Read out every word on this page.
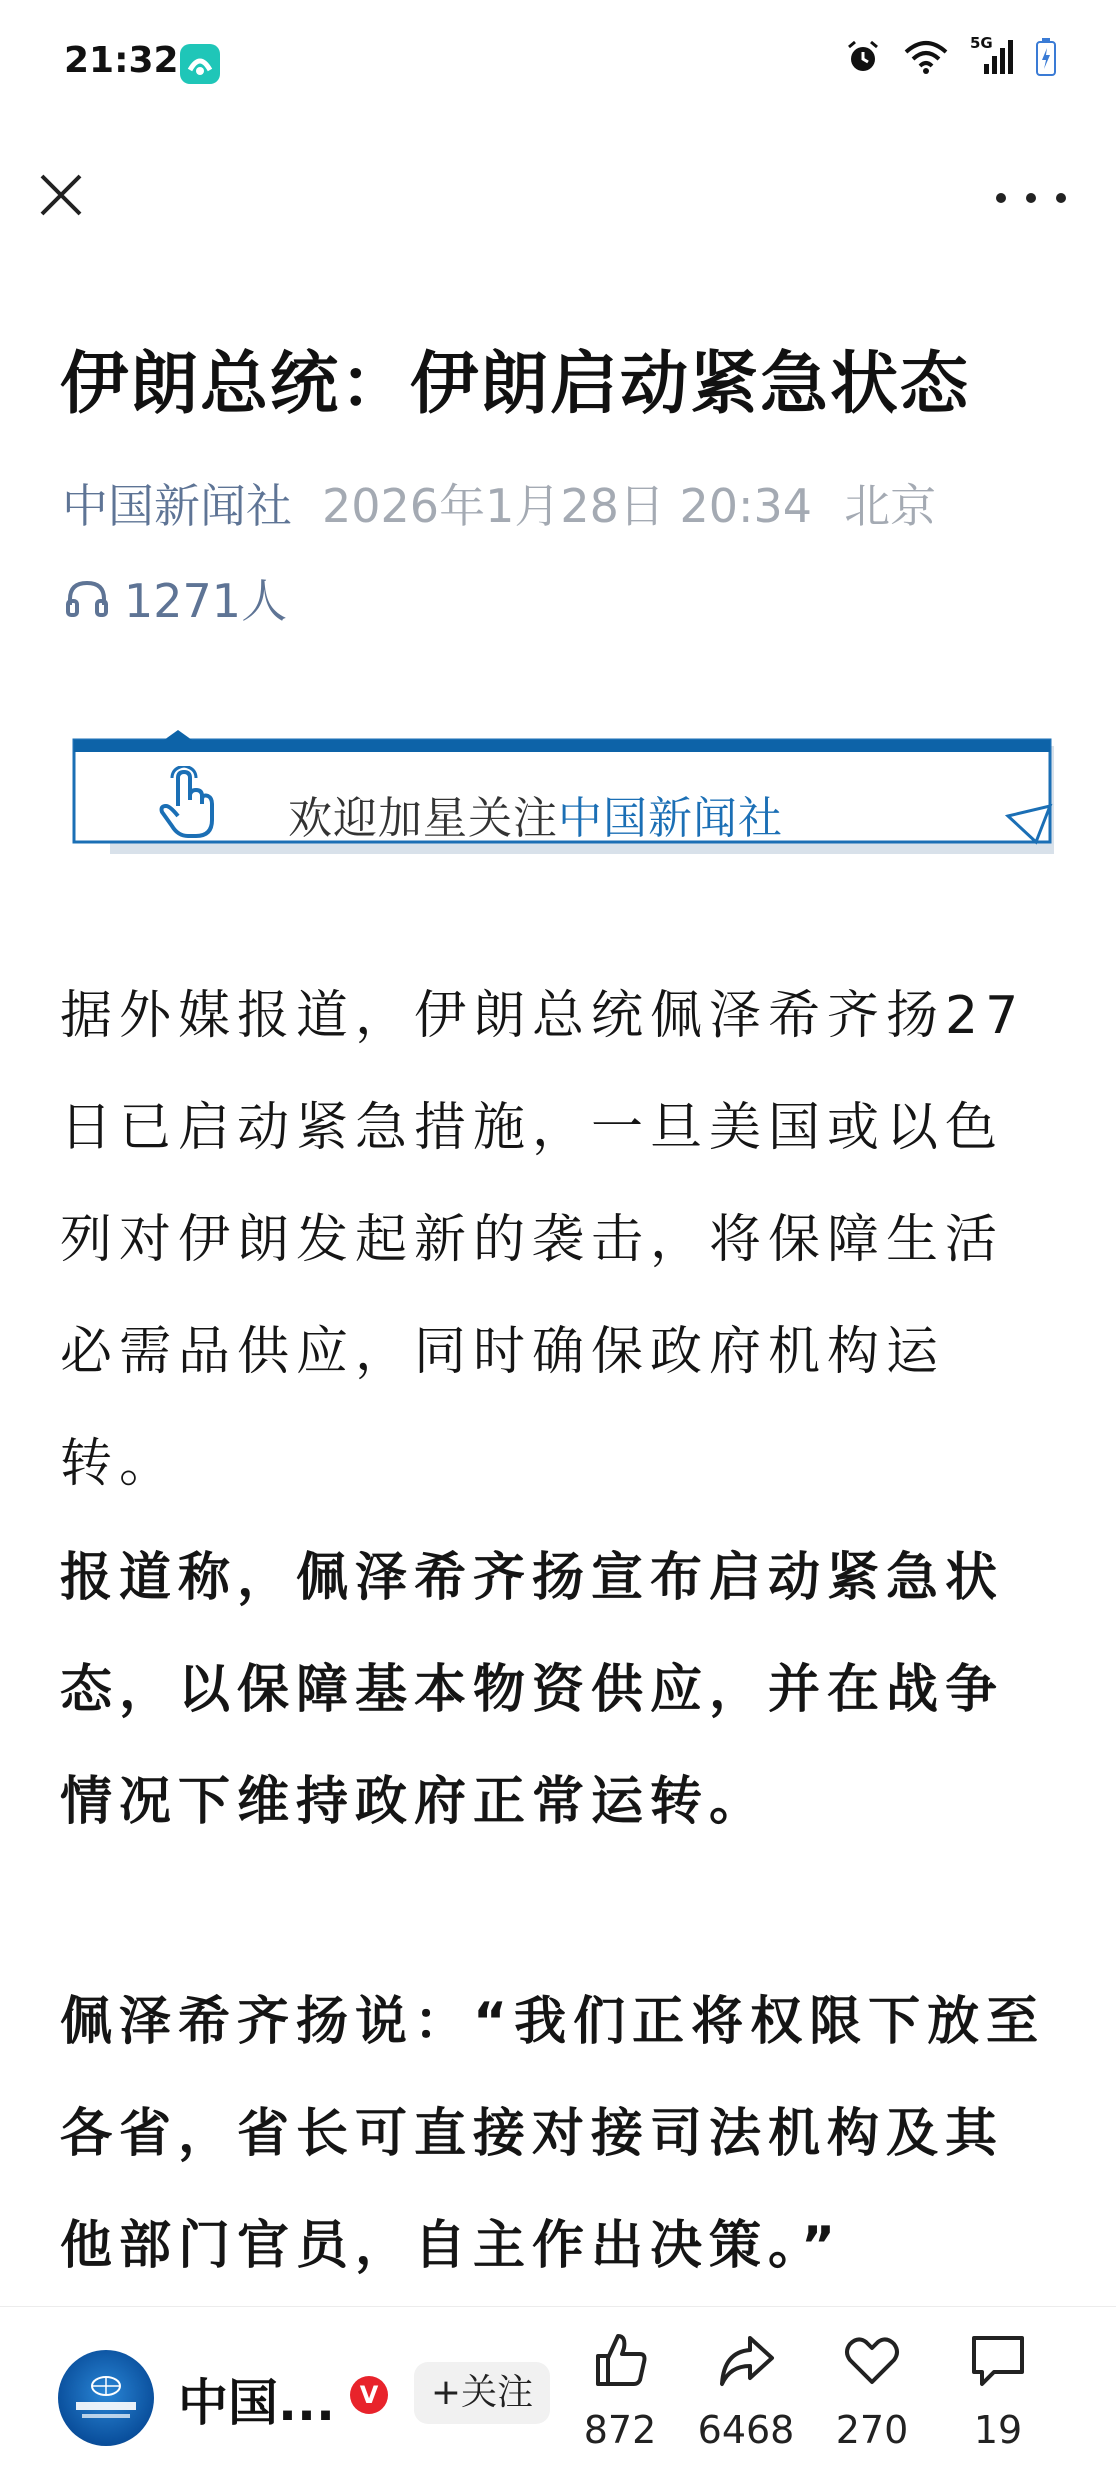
21:32	5G
伊朗总统：伊朗启动紧急状态
中国新闻社 2026年1月28日 20:34 北京
1271人
欢迎加星关注中国新闻社

据外媒报道，伊朗总统佩泽希齐扬27日已启动紧急措施，一旦美国或以色列对伊朗发起新的袭击，将保障生活必需品供应，同时确保政府机构运转。

报道称，佩泽希齐扬宣布启动紧急状态，以保障基本物资供应，并在战争情况下维持政府正常运转。

佩泽希齐扬说：“我们正将权限下放至各省，省长可直接对接司法机构及其他部门官员，自主作出决策。”

中国...	V	+关注
872	6468	270	19
